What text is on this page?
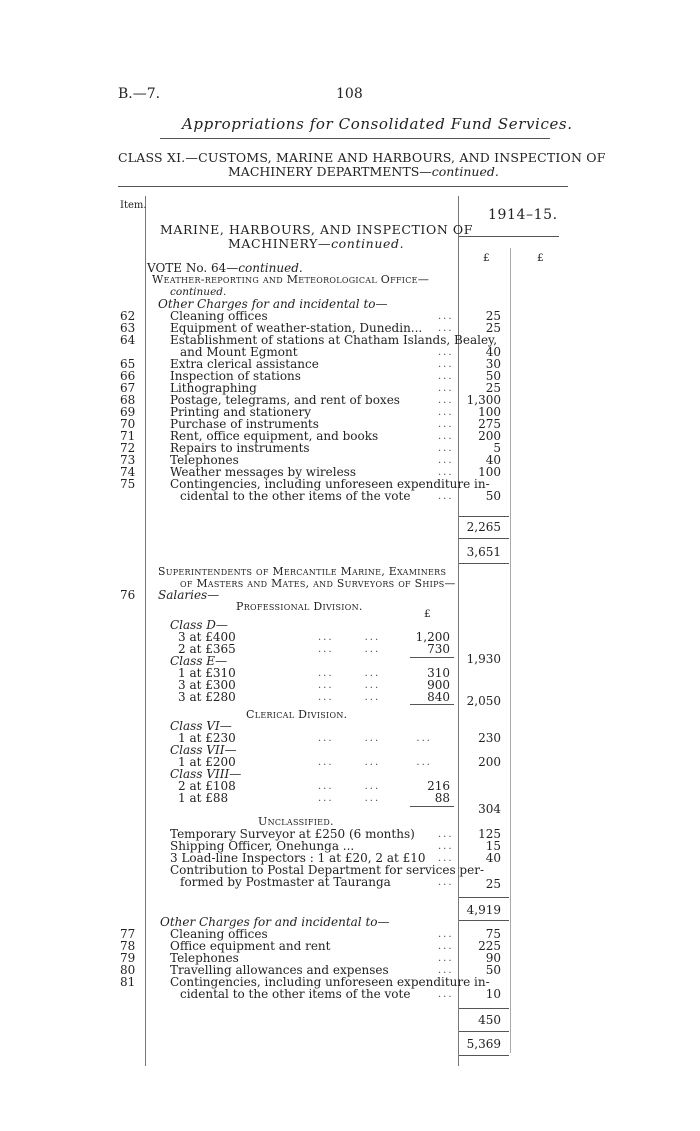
B.—7.	108
Appropriations for Consolidated Fund Services.
CLASS XI.—CUSTOMS, MARINE AND HARBOURS, AND INSPECTION OF
MACHINERY DEPARTMENTS—continued.
Item.
1914–15.
£	£
MARINE, HARBOURS, AND INSPECTION OF
MACHINERY—continued.
VOTE No. 64—continued.
Weather-reporting and Meteorological Office—
continued.
Other Charges for and incidental to—
62	Cleaning offices	...	25
63	Equipment of weather-station, Dunedin... ...	25
64	Establishment of stations at Chatham Islands, Bealey,
and Mount Egmont	...	40
65	Extra clerical assistance	...	30
66	Inspection of stations	...	50
67	Lithographing	...	25
68	Postage, telegrams, and rent of boxes	...	1,300
69	Printing and stationery	...	100
70	Purchase of instruments	...	275
71	Rent, office equipment, and books	...	200
72	Repairs to instruments	...	5
73	Telephones	...	40
74	Weather messages by wireless	...	100
75	Contingencies, including unforeseen expenditure in-
cidental to the other items of the vote	...	50
2,265
3,651
Superintendents of Mercantile Marine, Examiners
of Masters and Mates, and Surveyors of Ships—
76 Salaries—
Professional Division.
£
Class D—
3 at £400	...      ...	1,200
2 at £365	...      ...	730
1,930
Class E—
1 at £310	...      ...	310
3 at £300	...      ...	900
3 at £280	...      ...	840	2,050
Clerical Division.
Class VI—
1 at £230	...      ...       ...	230
Class VII—
1 at £200	...      ...       ...	200
Class VIII—
2 at £108	...      ...	216
1 at £88	...      ...	88
304
Unclassified.
Temporary Surveyor at £250 (6 months) ...	125
Shipping Officer, Onehunga ...	...	15
3 Load-line Inspectors : 1 at £20, 2 at £10 ...	40
Contribution to Postal Department for services per-
formed by Postmaster at Tauranga	...	25
4,919
Other Charges for and incidental to—
77	Cleaning offices	...	75
78	Office equipment and rent	...	225
79	Telephones	...	90
80	Travelling allowances and expenses	...	50
81	Contingencies, including unforeseen expenditure in-
cidental to the other items of the vote	...	10
450
5,369
